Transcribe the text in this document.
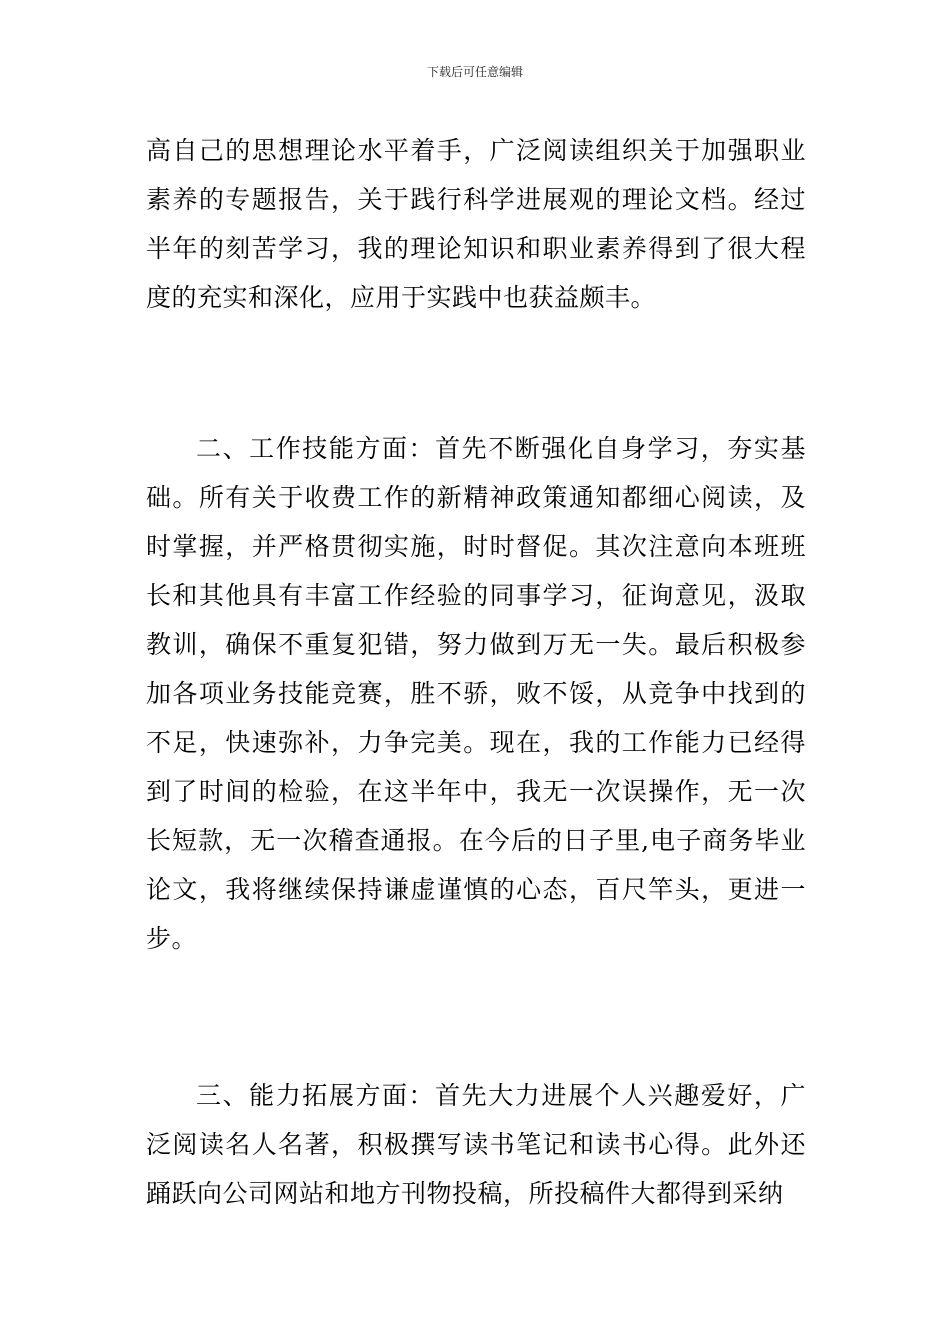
下载后可任意编辑

高自己的思想理论水平着手，广泛阅读组织关于加强职业素养的专题报告，关于践行科学进展观的理论文档。经过半年的刻苦学习，我的理论知识和职业素养得到了很大程度的充实和深化，应用于实践中也获益颇丰。

二、工作技能方面：首先不断强化自身学习，夯实基础。所有关于收费工作的新精神政策通知都细心阅读，及时掌握，并严格贯彻实施，时时督促。其次注意向本班班长和其他具有丰富工作经验的同事学习，征询意见，汲取教训，确保不重复犯错，努力做到万无一失。最后积极参加各项业务技能竞赛，胜不骄，败不馁，从竞争中找到的不足，快速弥补，力争完美。现在，我的工作能力已经得到了时间的检验，在这半年中，我无一次误操作，无一次长短款，无一次稽查通报。在今后的日子里,电子商务毕业论文，我将继续保持谦虚谨慎的心态，百尺竿头，更进一步。

三、能力拓展方面：首先大力进展个人兴趣爱好，广泛阅读名人名著，积极撰写读书笔记和读书心得。此外还踊跃向公司网站和地方刊物投稿，所投稿件大都得到采纳
